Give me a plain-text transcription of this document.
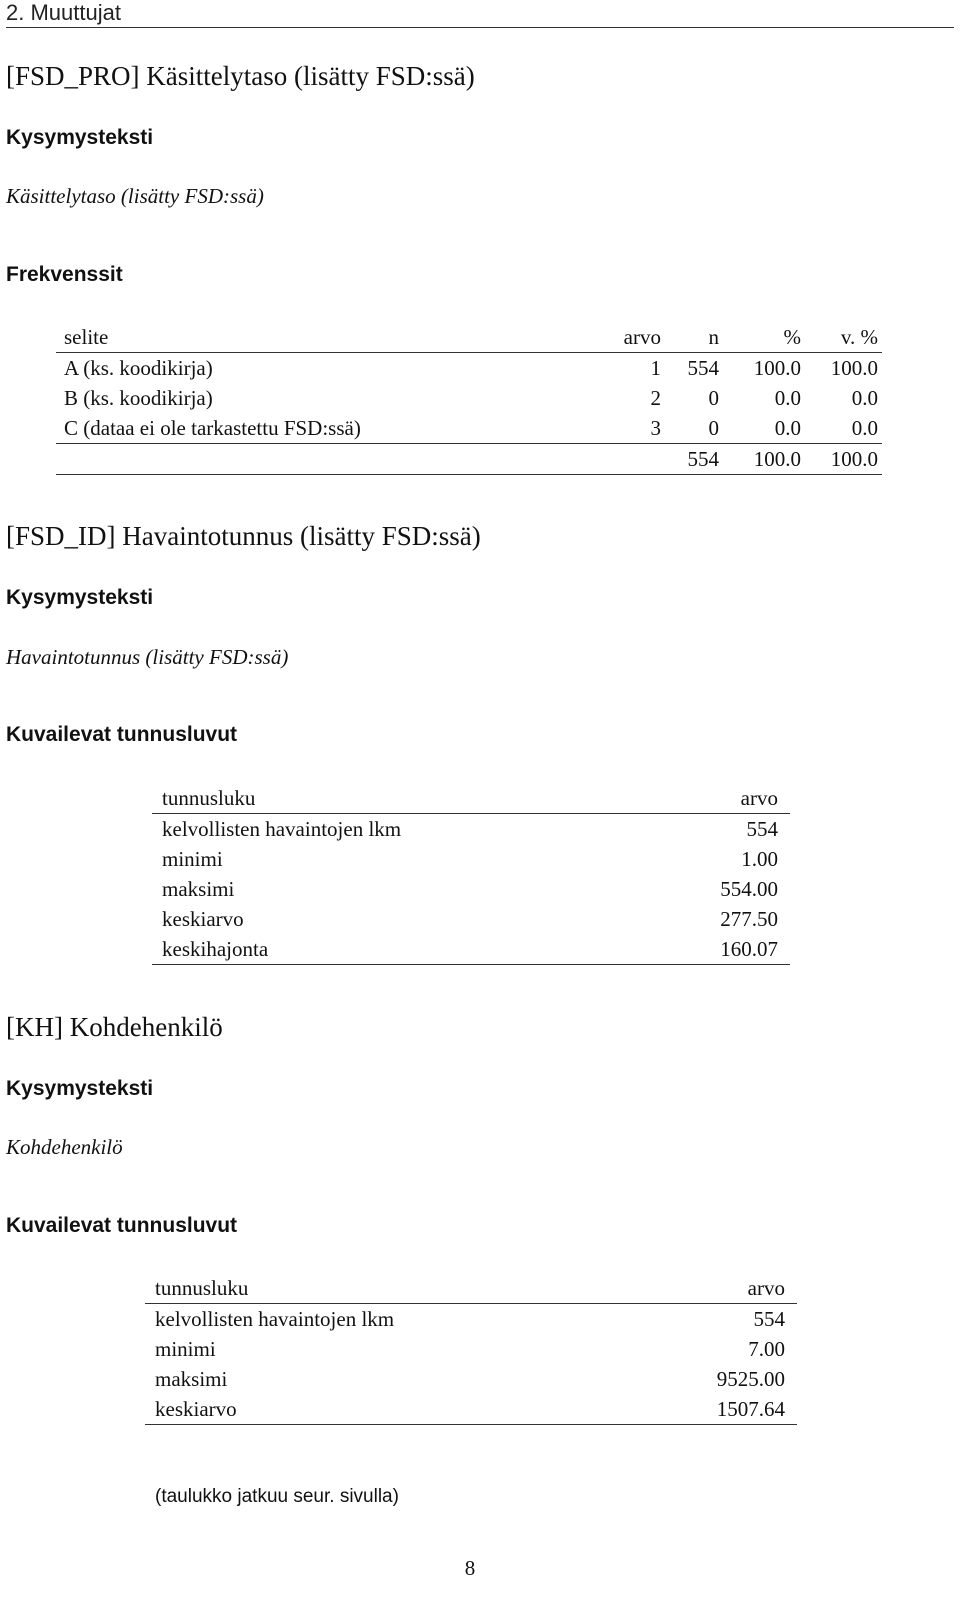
2. Muuttujat
[FSD_PRO] Käsittelytaso (lisätty FSD:ssä)
Kysymysteksti
Käsittelytaso (lisätty FSD:ssä)
Frekvenssit
selite	arvo	n	%	v. %
A (ks. koodikirja)	1	554	100.0	100.0
B (ks. koodikirja)	2	0	0.0	0.0
C (dataa ei ole tarkastettu FSD:ssä)	3	0	0.0	0.0
		554	100.0	100.0
[FSD_ID] Havaintotunnus (lisätty FSD:ssä)
Kysymysteksti
Havaintotunnus (lisätty FSD:ssä)
Kuvailevat tunnusluvut
tunnusluku	arvo
kelvollisten havaintojen lkm	554
minimi	1.00
maksimi	554.00
keskiarvo	277.50
keskihajonta	160.07
[KH] Kohdehenkilö
Kysymysteksti
Kohdehenkilö
Kuvailevat tunnusluvut
tunnusluku	arvo
kelvollisten havaintojen lkm	554
minimi	7.00
maksimi	9525.00
keskiarvo	1507.64
(taulukko jatkuu seur. sivulla)
8
